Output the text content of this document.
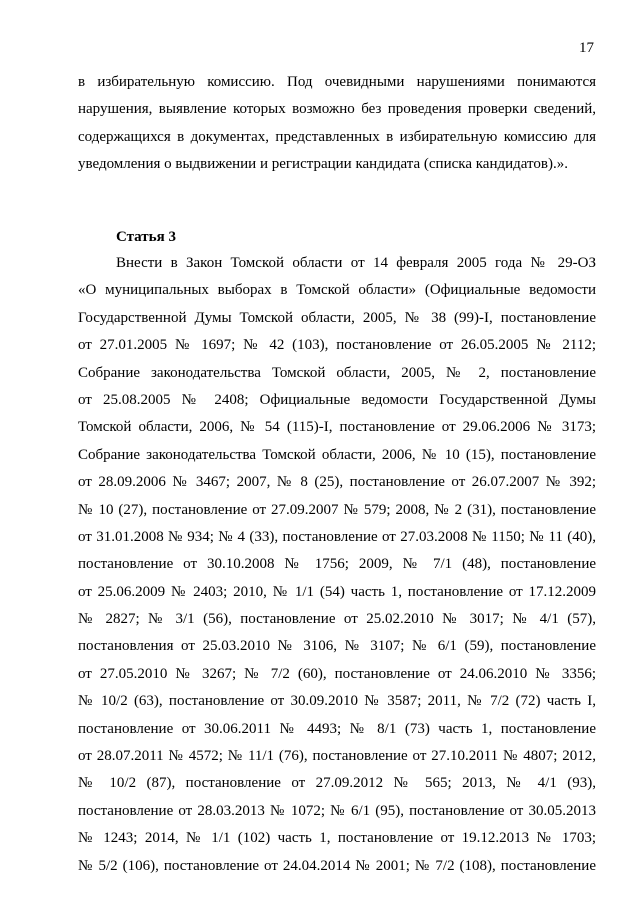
17
в избирательную комиссию. Под очевидными нарушениями понимаются
нарушения, выявление которых возможно без проведения проверки сведений,
содержащихся в документах, представленных в избирательную комиссию для
уведомления о выдвижении и регистрации кандидата (списка кандидатов).».
Статья 3
Внести в Закон Томской области от 14 февраля 2005 года № 29-ОЗ
«О муниципальных выборах в Томской области» (Официальные ведомости
Государственной Думы Томской области, 2005, № 38 (99)-I, постановление
от 27.01.2005 № 1697; № 42 (103), постановление от 26.05.2005 № 2112;
Собрание законодательства Томской области, 2005, № 2, постановление
от 25.08.2005 № 2408; Официальные ведомости Государственной Думы
Томской области, 2006, № 54 (115)-I, постановление от 29.06.2006 № 3173;
Собрание законодательства Томской области, 2006, № 10 (15), постановление
от 28.09.2006 № 3467; 2007, № 8 (25), постановление от 26.07.2007 № 392;
№ 10 (27), постановление от 27.09.2007 № 579; 2008, № 2 (31), постановление
от 31.01.2008 № 934; № 4 (33), постановление от 27.03.2008 № 1150; № 11 (40),
постановление от 30.10.2008 № 1756; 2009, № 7/1 (48), постановление
от 25.06.2009 № 2403; 2010, № 1/1 (54) часть 1, постановление от 17.12.2009
№ 2827; № 3/1 (56), постановление от 25.02.2010 № 3017; № 4/1 (57),
постановления от 25.03.2010 № 3106, № 3107; № 6/1 (59), постановление
от 27.05.2010 № 3267; № 7/2 (60), постановление от 24.06.2010 № 3356;
№ 10/2 (63), постановление от 30.09.2010 № 3587; 2011, № 7/2 (72) часть I,
постановление от 30.06.2011 № 4493; № 8/1 (73) часть 1, постановление
от 28.07.2011 № 4572; № 11/1 (76), постановление от 27.10.2011 № 4807; 2012,
№ 10/2 (87), постановление от 27.09.2012 № 565; 2013, № 4/1 (93),
постановление от 28.03.2013 № 1072; № 6/1 (95), постановление от 30.05.2013
№ 1243; 2014, № 1/1 (102) часть 1, постановление от 19.12.2013 № 1703;
№ 5/2 (106), постановление от 24.04.2014 № 2001; № 7/2 (108), постановление
